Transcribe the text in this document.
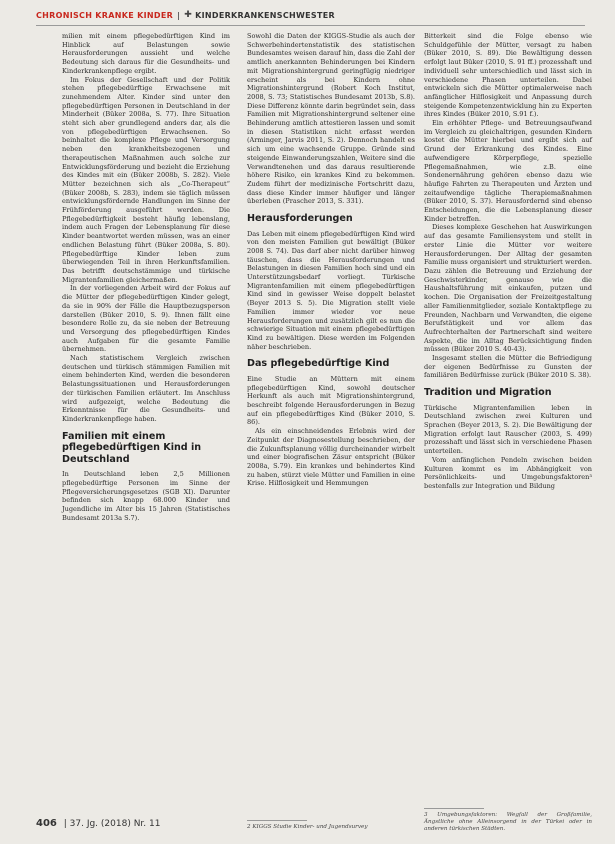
CHRONISCH KRANKE KINDER | ✚ KINDERKRANKENSCHWESTER

milien mit einem pflegebedürftigen Kind im Hinblick auf Belastungen sowie Herausforderungen aussieht und welche Bedeutung sich daraus für die Gesundheits- und Kinderkrankenpflege ergibt.

Im Fokus der Gesellschaft und der Politik stehen pflegebedürftige Erwachsene mit zunehmendem Alter. Kinder sind unter den pflegebedürftigen Personen in Deutschland in der Minderheit (Büker 2008a, S. 77). Ihre Situation steht sich aber grundlegend anders dar, als die von pflegebedürftigen Erwachsenen. So beinhaltet die komplexe Pflege und Versorgung neben den krankheitsbezogenen und therapeutischen Maßnahmen auch solche zur Entwicklungsförderung und bezieht die Erziehung des Kindes mit ein (Büker 2008b, S. 282). Viele Mütter bezeichnen sich als „Co-Therapeut“ (Büker 2008b, S. 283), indem sie täglich müssen entwicklungsfördernde Handlungen im Sinne der Frühförderung ausgeführt werden. Die Pflegebedürftigkeit besteht häufig lebenslang, indem auch Fragen der Lebensplanung für diese Kinder beantwortet werden müssen, was an einer endlichen Belastung führt (Büker 2008a, S. 80). Pflegebedürftige Kinder leben zum überwiegenden Teil in ihren Herkunftsfamilien. Das betrifft deutschstämmige und türkische Migrantenfamilien gleichermaßen.

In der vorliegenden Arbeit wird der Fokus auf die Mütter der pflegebedürftigen Kinder gelegt, da sie in 90% der Fälle die Hauptbezugsperson darstellen (Büker 2010, S. 9). Ihnen fällt eine besondere Rolle zu, da sie neben der Betreuung und Versorgung des pflegebedürftigen Kindes auch Aufgaben für die gesamte Familie übernehmen.

Nach statistischem Vergleich zwischen deutschen und türkisch stämmigen Familien mit einem behinderten Kind, werden die besonderen Belastungssituationen und Herausforderungen der türkischen Familien erläutert. Im Anschluss wird aufgezeigt, welche Bedeutung die Erkenntnisse für die Gesundheits- und Kinderkrankenpflege haben.

Familien mit einem pflegebedürftigen Kind in Deutschland

In Deutschland leben 2,5 Millionen pflegebedürftige Personen im Sinne der Pflegeversicherungsgesetzes (SGB XI). Darunter befinden sich knapp 68.000 Kinder und Jugendliche im Alter bis 15 Jahren (Statistisches Bundesamt 2013a S.7).

Sowohl die Daten der KIGGS-Studie als auch der Schwerbehindertenstatistik des statistischen Bundesamtes weisen darauf hin, dass die Zahl der amtlich anerkannten Behinderungen bei Kindern mit Migrationshintergrund geringfügig niedriger erscheint als bei Kindern ohne Migrationshintergrund (Robert Koch Institut, 2008, S. 73; Statistisches Bundesamt 2013b, S.8). Diese Differenz könnte darin begründet sein, dass Familien mit Migrationshintergrund seltener eine Behinderung amtlich attestieren lassen und somit in diesen Statistiken nicht erfasst werden (Arminger, Jarvis 2011, S. 2). Dennoch handelt es sich um eine wachsende Gruppe. Gründe sind steigende Einwanderungszahlen, Weitere sind die Verwandtenehen und das daraus resultierende höhere Risiko, ein krankes Kind zu bekommen. Zudem führt der medizinische Fortschritt dazu, dass diese Kinder immer häufiger und länger überleben (Prascher 2013, S. 331).

Herausforderungen

Das Leben mit einem pflegebedürftigen Kind wird von den meisten Familien gut bewältigt (Büker 2008 S. 74). Das darf aber nicht darüber hinweg täuschen, dass die Herausforderungen und Belastungen in diesen Familien hoch sind und ein Unterstützungsbedarf vorliegt. Türkische Migrantenfamilien mit einem pflegebedürftigen Kind sind in gewisser Weise doppelt belastet (Beyer 2013 S. 5). Die Migration stellt viele Familien immer wieder vor neue Herausforderungen und zusätzlich gilt es nun die schwierige Situation mit einem pflegebedürftigen Kind zu bewältigen. Diese werden im Folgenden näher beschrieben.

Das pflegebedürftige Kind

Eine Studie an Müttern mit einem pflegebedürftigen Kind, sowohl deutscher Herkunft als auch mit Migrationshintergrund, beschreibt folgende Herausforderungen in Bezug auf ein pflegebedürftiges Kind (Büker 2010, S. 86).

Als ein einschneidendes Erlebnis wird der Zeitpunkt der Diagnosestellung beschrieben, der die Zukunftsplanung völlig durcheinander wirbelt und einer biografischen Zäsur entspricht (Büker 2008a, S.79). Ein krankes und behindertes Kind zu haben, stürzt viele Mütter und Familien in eine Krise. Hilflosigkeit und Hemmungen

2 KIGGS Studie Kinder- und Jugendsurvey

Bitterkeit sind die Folge ebenso wie Schuldgefühle der Mütter, versagt zu haben (Büker 2010, S. 89). Die Bewältigung dessen erfolgt laut Büker (2010, S. 91 ff.) prozesshaft und individuell sehr unterschiedlich und lässt sich in verschiedene Phasen unterteilen. Dabei entwickeln sich die Mütter optimalerweise nach anfänglicher Hilflosigkeit und Anpassung durch steigende Kompetenzentwicklung hin zu Experten ihres Kindes (Büker 2010, S.91 f.).

Ein erhöhter Pflege- und Betreuungsaufwand im Vergleich zu gleichaltrigen, gesunden Kindern kostet die Mütter hierbei und ergibt sich auf Grund der Erkrankung des Kindes. Eine aufwendigere Körperpflege, spezielle Pflegemaßnahmen, wie z.B. eine Sondenernährung gehören ebenso dazu wie häufige Fahrten zu Therapeuten und Ärzten und zeitaufwendige tägliche Therapiemaßnahmen (Büker 2010, S. 37). Herausfordernd sind ebenso Entscheidungen, die die Lebensplanung dieser Kinder betreffen.

Dieses komplexe Geschehen hat Auswirkungen auf das gesamte Familiensystem und stellt in erster Linie die Mütter vor weitere Herausforderungen. Der Alltag der gesamten Familie muss organisiert und strukturiert werden. Dazu zählen die Betreuung und Erziehung der Geschwisterkinder, genauso wie die Haushaltsführung mit einkaufen, putzen und kochen. Die Organisation der Freizeitgestaltung aller Familienmitglieder, soziale Kontaktpflege zu Freunden, Nachbarn und Verwandten, die eigene Berufstätigkeit und vor allem das Aufrechterhalten der Partnerschaft sind weitere Aspekte, die im Alltag Berücksichtigung finden müssen (Büker 2010 S. 40-43).

Insgesamt stellen die Mütter die Befriedigung der eigenen Bedürfnisse zu Gunsten der familiären Bedürfnisse zurück (Büker 2010 S. 38).

Tradition und Migration

Türkische Migrantenfamilien leben in Deutschland zwischen zwei Kulturen und Sprachen (Beyer 2013, S. 2). Die Bewältigung der Migration erfolgt laut Rauscher (2003, S. 499) prozesshaft und lässt sich in verschiedene Phasen unterteilen.

Vom anfänglichen Pendeln zwischen beiden Kulturen kommt es im Abhängigkeit von Persönlichkeits- und Umgebungsfaktoren³ bestenfalls zur Integration und Bildung

3 Umgebungsfaktoren: Wegfall der Großfamilie, Ängstliche ohne Alleinsorgend in der Türkei oder in anderen türkischen Städten.
406 | 37. Jg. (2018) Nr. 11
